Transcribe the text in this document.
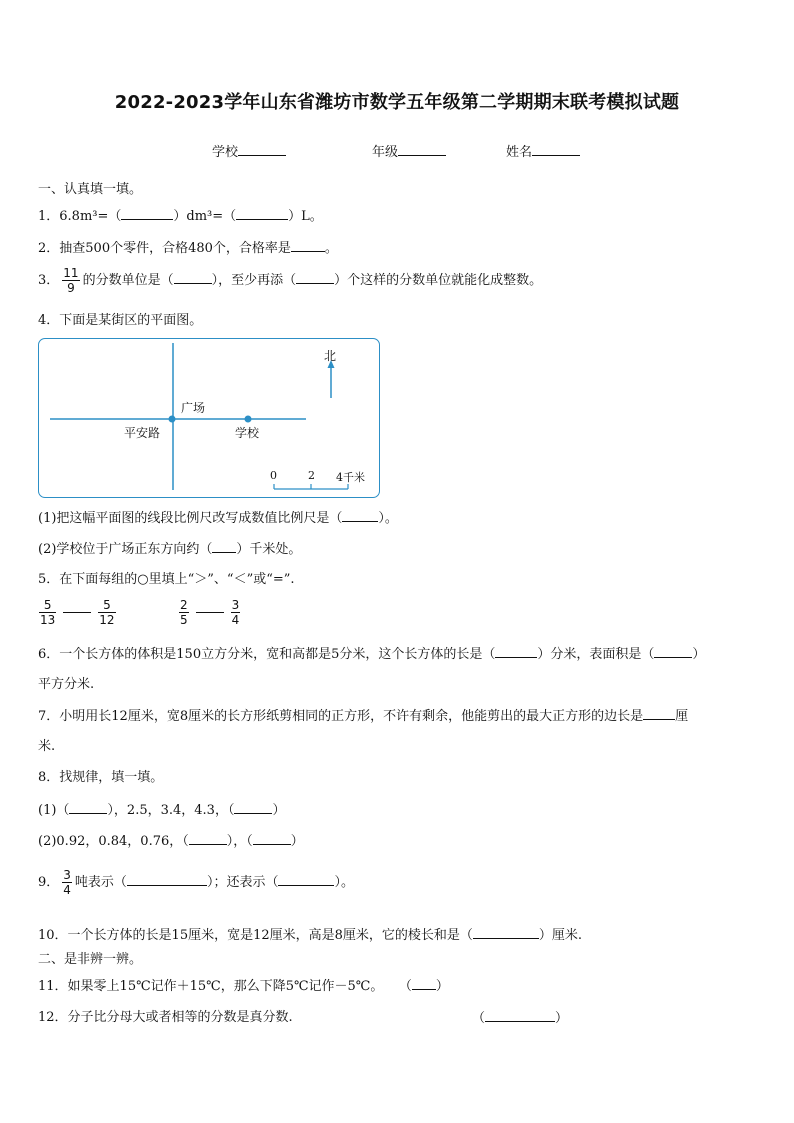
2022-2023学年山东省潍坊市数学五年级第二学期期末联考模拟试题
学校	年级	姓名
一、认真填一填。
1．6.8m³=（	）dm³=（	）L。
2．抽查500个零件，合格480个，合格率是	。
3． $\frac{11}{9}$ 的分数单位是（	），至少再添（	）个这样的分数单位就能化成整数。
4．下面是某街区的平面图。
北
广场
平安路	学校
0	2 4千米
(1)把这幅平面图的线段比例尺改写成数值比例尺是（	）。
(2)学校位于广场正东方向约（ ）千米处。
5．在下面每组的○里填上“＞”、“＜”或“=”.
$\frac{5}{13}$	$\frac{5}{12}$	$\frac{2}{5}$	$\frac{3}{4}$
6．一个长方体的体积是150立方分米，宽和高都是5分米，这个长方体的长是（	）分米，表面积是（	）
平方分米.
7．小明用长12厘米，宽8厘米的长方形纸剪相同的正方形，不许有剩余，他能剪出的最大正方形的边长是 厘
米.
8．找规律，填一填。
(1)（	），2.5，3.4，4.3，（	）
(2)0.92，0.84，0.76，（	），（	）
9． $\frac{3}{4}$ 吨表示（	）；还表示（	）。
10．一个长方体的长是15厘米，宽是12厘米，高是8厘米，它的棱长和是（	）厘米.
二、是非辨一辨。
11．如果零上15℃记作＋15℃，那么下降5℃记作－5℃。 （ ）
12．分子比分母大或者相等的分数是真分数.	（	）
